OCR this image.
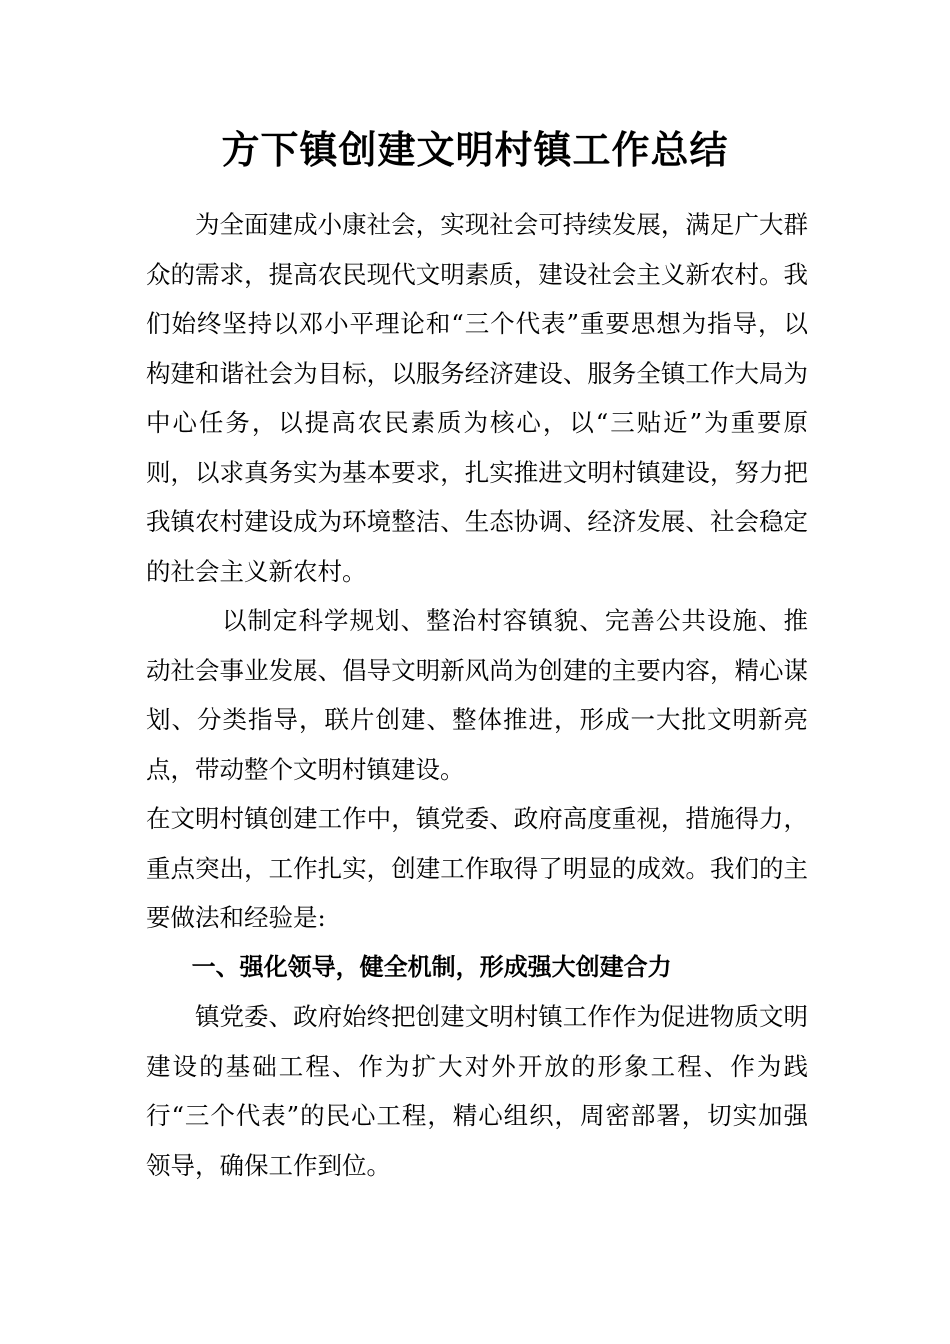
方下镇创建文明村镇工作总结

为全面建成小康社会，实现社会可持续发展，满足广大群众的需求，提高农民现代文明素质，建设社会主义新农村。我们始终坚持以邓小平理论和“三个代表”重要思想为指导，以构建和谐社会为目标，以服务经济建设、服务全镇工作大局为中心任务，以提高农民素质为核心，以“三贴近”为重要原则，以求真务实为基本要求，扎实推进文明村镇建设，努力把我镇农村建设成为环境整洁、生态协调、经济发展、社会稳定的社会主义新农村。

以制定科学规划、整治村容镇貌、完善公共设施、推动社会事业发展、倡导文明新风尚为创建的主要内容，精心谋划、分类指导，联片创建、整体推进，形成一大批文明新亮点，带动整个文明村镇建设。

在文明村镇创建工作中，镇党委、政府高度重视，措施得力，重点突出，工作扎实，创建工作取得了明显的成效。我们的主要做法和经验是:

一、强化领导，健全机制，形成强大创建合力

镇党委、政府始终把创建文明村镇工作作为促进物质文明建设的基础工程、作为扩大对外开放的形象工程、作为践行“三个代表”的民心工程，精心组织，周密部署，切实加强领导，确保工作到位。
